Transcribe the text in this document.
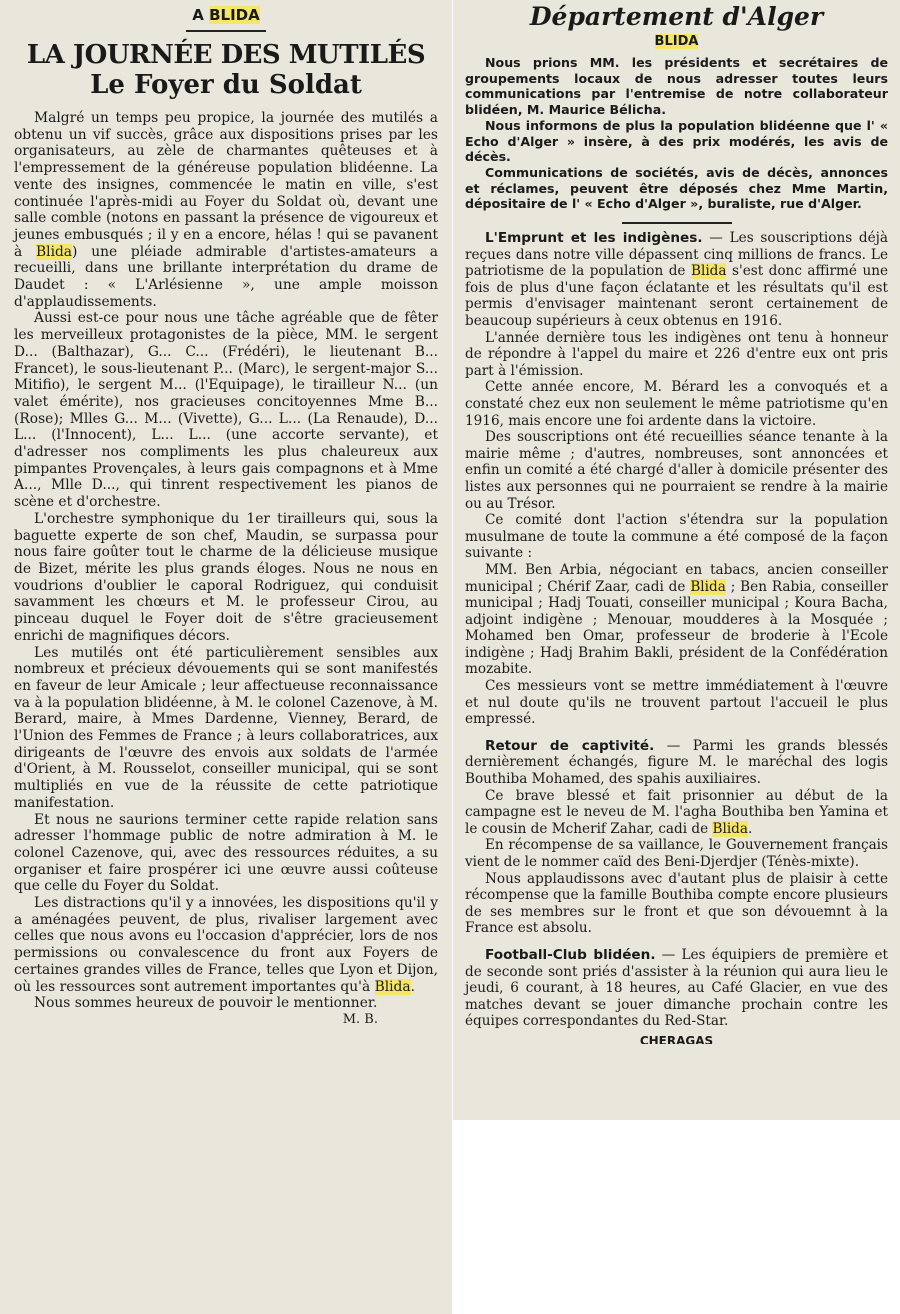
A BLIDA
LA JOURNÉE DES MUTILÉS
Le Foyer du Soldat

Malgré un temps peu propice, la journée des mutilés a obtenu un vif succès, grâce aux dispositions prises par les organisateurs, au zèle de charmantes quêteuses et à l'empressement de la généreuse population blidéenne. La vente des insignes, commencée le matin en ville, s'est continuée l'après-midi au Foyer du Soldat où, devant une salle comble (notons en passant la présence de vigoureux et jeunes embusqués ; il y en a encore, hélas ! qui se pavanent à Blida) une pléiade admirable d'artistes-amateurs a recueilli, dans une brillante interprétation du drame de Daudet : « L'Arlésienne », une ample moisson d'applaudissements.

Aussi est-ce pour nous une tâche agréable que de fêter les merveilleux protagonistes de la pièce, MM. le sergent D... (Balthazar), G... C... (Frédéri), le lieutenant B... Francet), le sous-lieutenant P... (Marc), le sergent-major S... Mitifio), le sergent M... (l'Equipage), le tirailleur N... (un valet émérite), nos gracieuses concitoyennes Mme B... (Rose); Mlles G... M... (Vivette), G... L... (La Renaude), D... L... (l'Innocent), L... L... (une accorte servante), et d'adresser nos compliments les plus chaleureux aux pimpantes Provençales, à leurs gais compagnons et à Mme A..., Mlle D..., qui tinrent respectivement les pianos de scène et d'orchestre.

L'orchestre symphonique du 1er tirailleurs qui, sous la baguette experte de son chef, Maudin, se surpassa pour nous faire goûter tout le charme de la délicieuse musique de Bizet, mérite les plus grands éloges. Nous ne nous en voudrions d'oublier le caporal Rodriguez, qui conduisit savamment les chœurs et M. le professeur Cirou, au pinceau duquel le Foyer doit de s'être gracieusement enrichi de magnifiques décors.

Les mutilés ont été particulièrement sensibles aux nombreux et précieux dévouements qui se sont manifestés en faveur de leur Amicale ; leur affectueuse reconnaissance va à la population blidéenne, à M. le colonel Cazenove, à M. Berard, maire, à Mmes Dardenne, Vienney, Berard, de l'Union des Femmes de France ; à leurs collaboratrices, aux dirigeants de l'œuvre des envois aux soldats de l'armée d'Orient, à M. Rousselot, conseiller municipal, qui se sont multipliés en vue de la réussite de cette patriotique manifestation.

Et nous ne saurions terminer cette rapide relation sans adresser l'hommage public de notre admiration à M. le colonel Cazenove, qui, avec des ressources réduites, a su organiser et faire prospérer ici une œuvre aussi coûteuse que celle du Foyer du Soldat.

Les distractions qu'il y a innovées, les dispositions qu'il y a aménagées peuvent, de plus, rivaliser largement avec celles que nous avons eu l'occasion d'apprécier, lors de nos permissions ou convalescence du front aux Foyers de certaines grandes villes de France, telles que Lyon et Dijon, où les ressources sont autrement importantes qu'à Blida.

Nous sommes heureux de pouvoir le mentionner.

M. B.
Département d'Alger
BLIDA

Nous prions MM. les présidents et secrétaires de groupements locaux de nous adresser toutes leurs communications par l'entremise de notre collaborateur blidéen, M. Maurice Bélicha.

Nous informons de plus la population blidéenne que l' « Echo d'Alger » insère, à des prix modérés, les avis de décès.

Communications de sociétés, avis de décès, annonces et réclames, peuvent être déposés chez Mme Martin, dépositaire de l' « Echo d'Alger », buraliste, rue d'Alger.

L'Emprunt et les indigènes. — Les souscriptions déjà reçues dans notre ville dépassent cinq millions de francs. Le patriotisme de la population de Blida s'est donc affirmé une fois de plus d'une façon éclatante et les résultats qu'il est permis d'envisager maintenant seront certainement de beaucoup supérieurs à ceux obtenus en 1916.

L'année dernière tous les indigènes ont tenu à honneur de répondre à l'appel du maire et 226 d'entre eux ont pris part à l'émission.

Cette année encore, M. Bérard les a convoqués et a constaté chez eux non seulement le même patriotisme qu'en 1916, mais encore une foi ardente dans la victoire.

Des souscriptions ont été recueillies séance tenante à la mairie même ; d'autres, nombreuses, sont annoncées et enfin un comité a été chargé d'aller à domicile présenter des listes aux personnes qui ne pourraient se rendre à la mairie ou au Trésor.

Ce comité dont l'action s'étendra sur la population musulmane de toute la commune a été composé de la façon suivante :

MM. Ben Arbia, négociant en tabacs, ancien conseiller municipal ; Chérif Zaar, cadi de Blida ; Ben Rabia, conseiller municipal ; Hadj Touati, conseiller municipal ; Koura Bacha, adjoint indigène ; Menouar, moudderes à la Mosquée ; Mohamed ben Omar, professeur de broderie à l'Ecole indigène ; Hadj Brahim Bakli, président de la Confédération mozabite.

Ces messieurs vont se mettre immédiatement à l'œuvre et nul doute qu'ils ne trouvent partout l'accueil le plus empressé.

Retour de captivité. — Parmi les grands blessés dernièrement échangés, figure M. le maréchal des logis Bouthiba Mohamed, des spahis auxiliaires.

Ce brave blessé et fait prisonnier au début de la campagne est le neveu de M. l'agha Bouthiba ben Yamina et le cousin de Mcherif Zahar, cadi de Blida.

En récompense de sa vaillance, le Gouvernement français vient de le nommer caïd des Beni-Djerdjer (Ténès-mixte).

Nous applaudissons avec d'autant plus de plaisir à cette récompense que la famille Bouthiba compte encore plusieurs de ses membres sur le front et que son dévouemnt à la France est absolu.

Football-Club blidéen. — Les équipiers de première et de seconde sont priés d'assister à la réunion qui aura lieu le jeudi, 6 courant, à 18 heures, au Café Glacier, en vue des matches devant se jouer dimanche prochain contre les équipes correspondantes du Red-Star.

CHERAGAS
